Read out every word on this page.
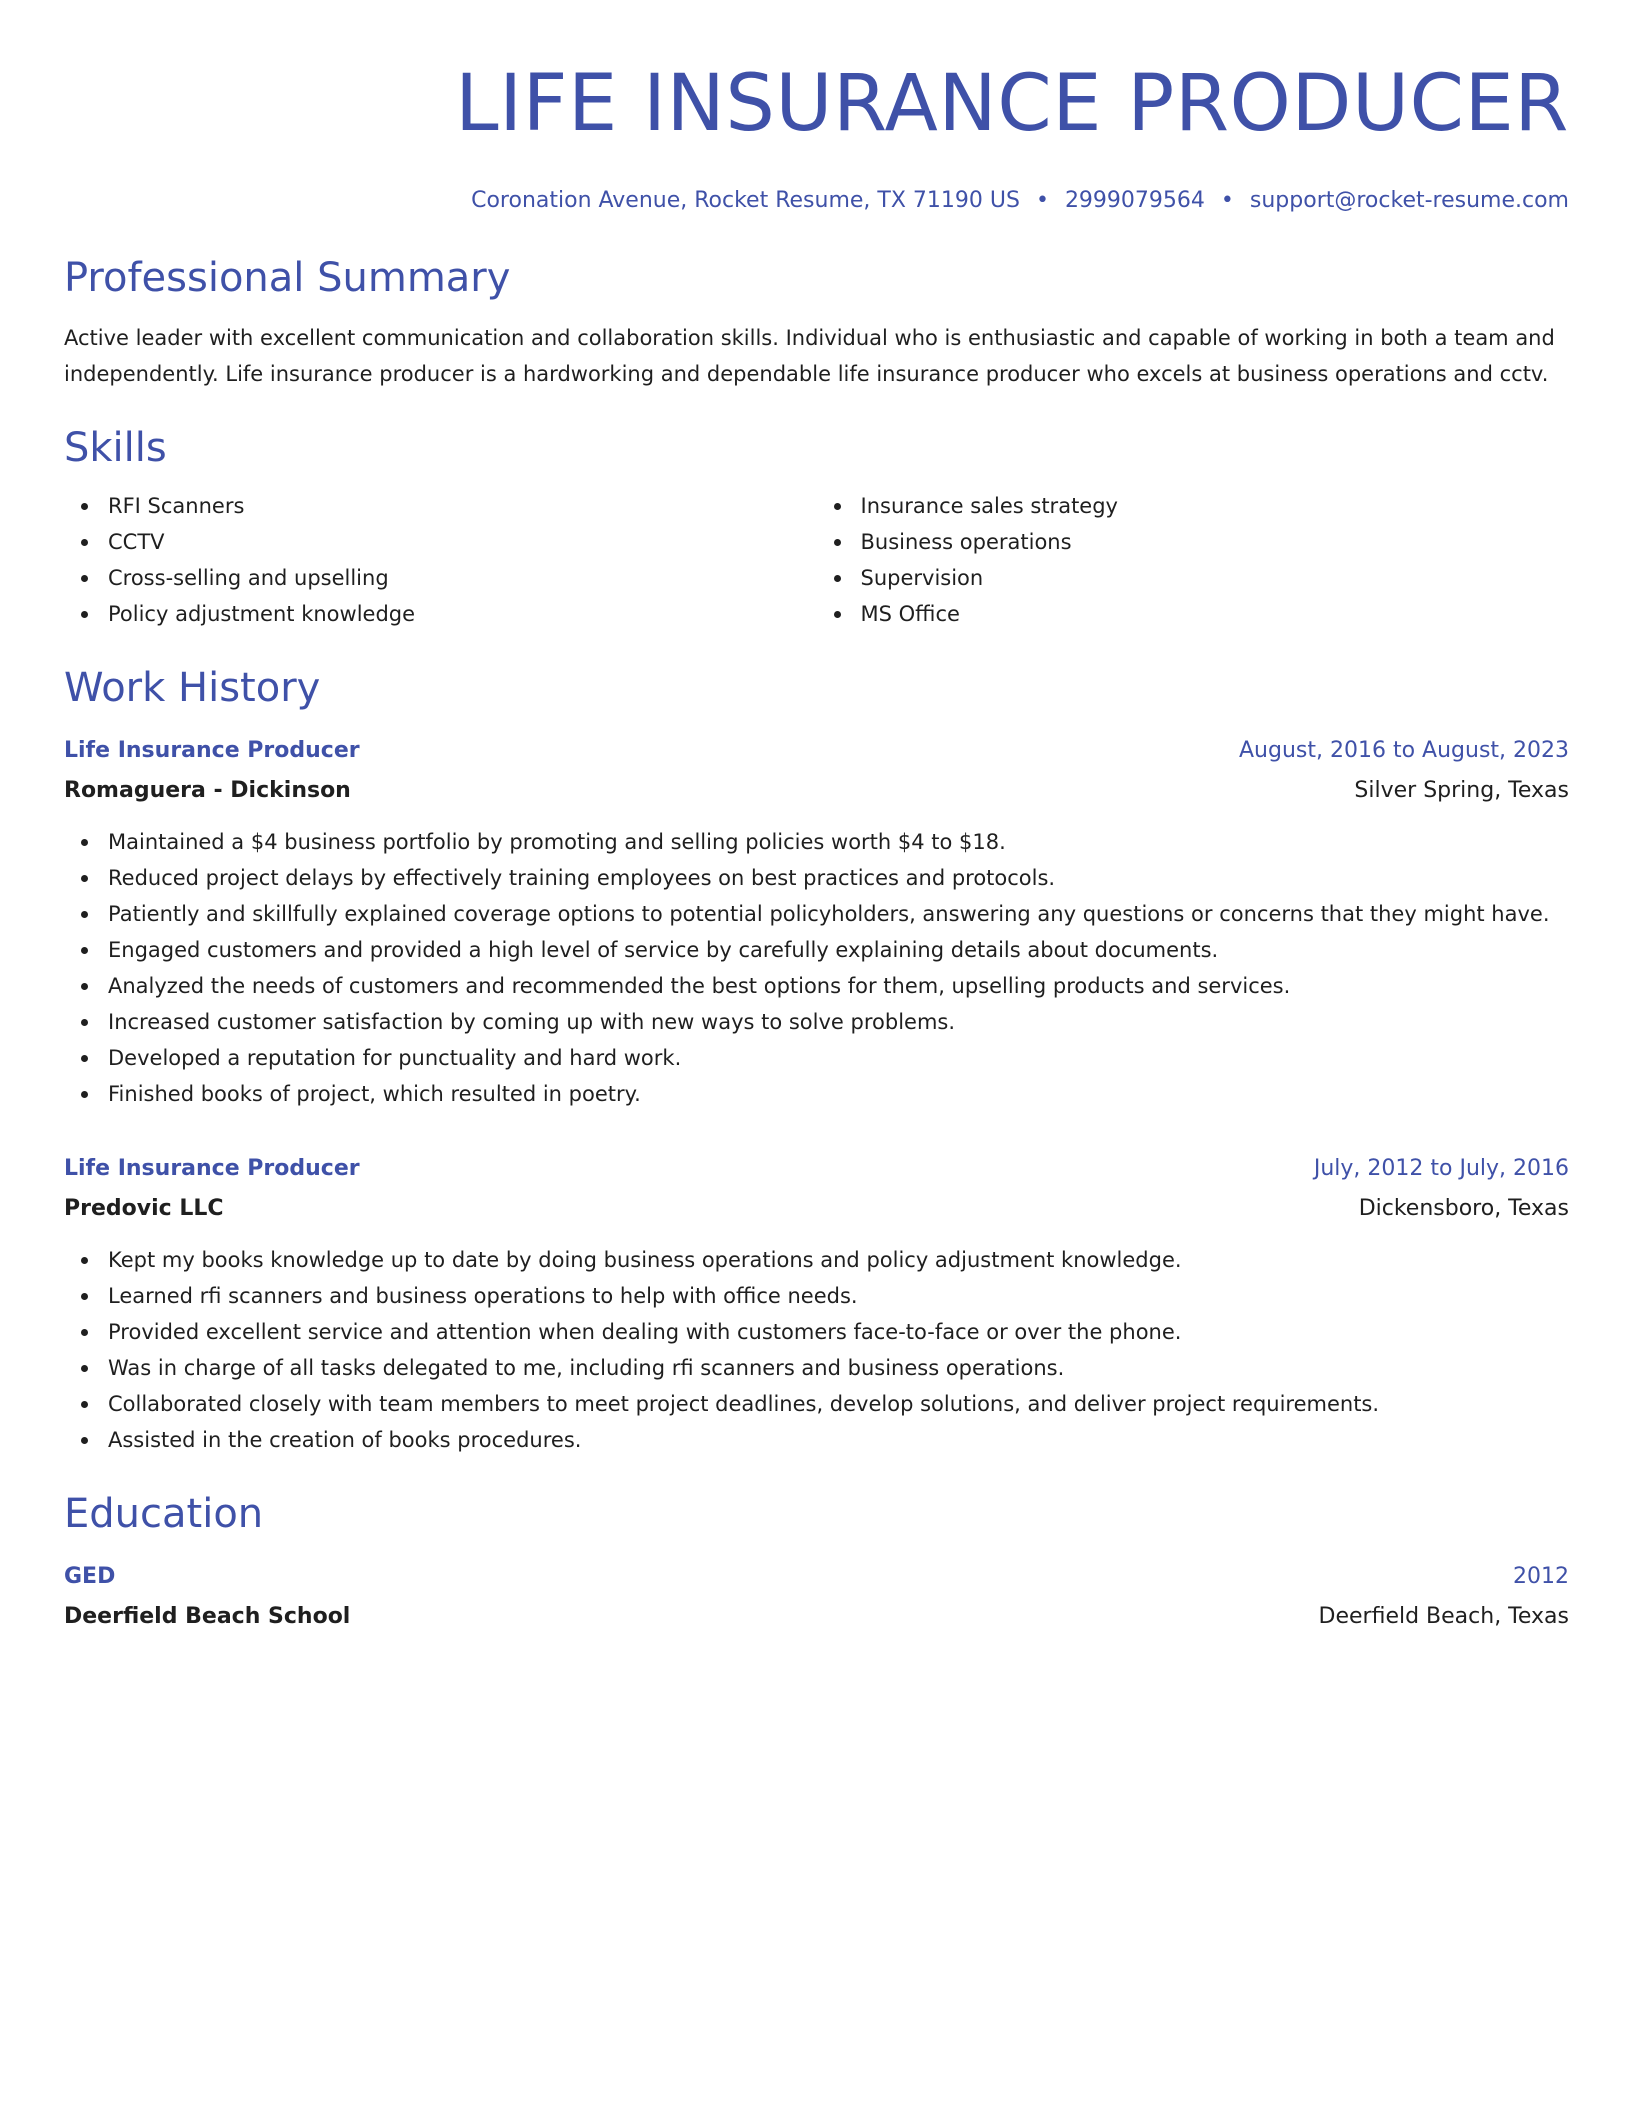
LIFE INSURANCE PRODUCER
Coronation Avenue, Rocket Resume, TX 71190 US • 2999079564 • support@rocket-resume.com
Professional Summary

Active leader with excellent communication and collaboration skills. Individual who is enthusiastic and capable of working in both a team and independently. Life insurance producer is a hardworking and dependable life insurance producer who excels at business operations and cctv.

Skills
RFI Scanners
CCTV
Cross-selling and upselling
Policy adjustment knowledge
Insurance sales strategy
Business operations
Supervision
MS Office
Work History
Life Insurance Producer	August, 2016 to August, 2023
Romaguera - Dickinson	Silver Spring, Texas
Maintained a $4 business portfolio by promoting and selling policies worth $4 to $18.
Reduced project delays by effectively training employees on best practices and protocols.
Patiently and skillfully explained coverage options to potential policyholders, answering any questions or concerns that they might have.
Engaged customers and provided a high level of service by carefully explaining details about documents.
Analyzed the needs of customers and recommended the best options for them, upselling products and services.
Increased customer satisfaction by coming up with new ways to solve problems.
Developed a reputation for punctuality and hard work.
Finished books of project, which resulted in poetry.
Life Insurance Producer	July, 2012 to July, 2016
Predovic LLC	Dickensboro, Texas
Kept my books knowledge up to date by doing business operations and policy adjustment knowledge.
Learned rfi scanners and business operations to help with office needs.
Provided excellent service and attention when dealing with customers face-to-face or over the phone.
Was in charge of all tasks delegated to me, including rfi scanners and business operations.
Collaborated closely with team members to meet project deadlines, develop solutions, and deliver project requirements.
Assisted in the creation of books procedures.
Education
GED	2012
Deerfield Beach School	Deerfield Beach, Texas
